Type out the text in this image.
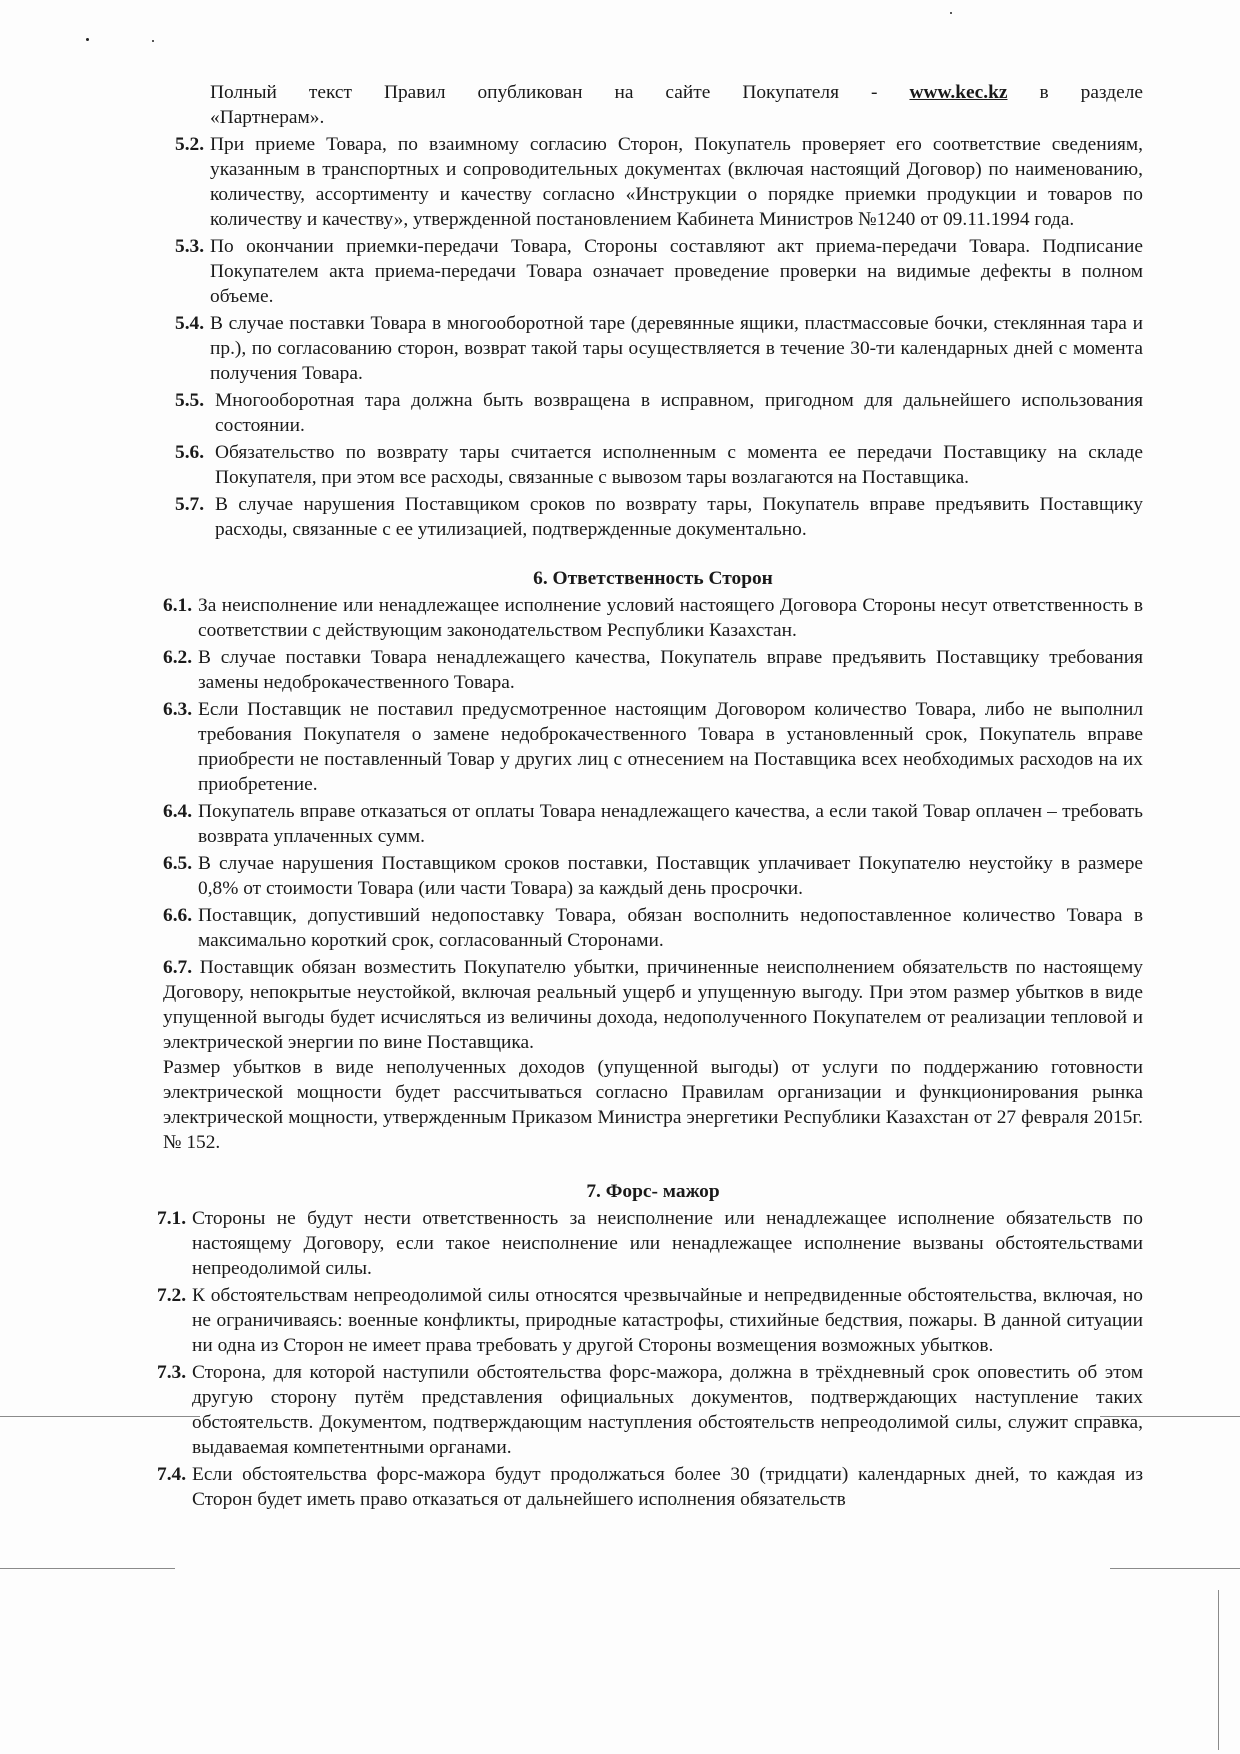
Полный текст Правил опубликован на сайте Покупателя - www.kec.kz в разделе
«Партнерам».
5.2. При приеме Товара, по взаимному согласию Сторон, Покупатель проверяет его соответствие сведениям, указанным в транспортных и сопроводительных документах (включая настоящий Договор) по наименованию, количеству, ассортименту и качеству согласно «Инструкции о порядке приемки продукции и товаров по количеству и качеству», утвержденной постановлением Кабинета Министров №1240 от 09.11.1994 года.
5.3. По окончании приемки-передачи Товара, Стороны составляют акт приема-передачи Товара. Подписание Покупателем акта приема-передачи Товара означает проведение проверки на видимые дефекты в полном объеме.
5.4. В случае поставки Товара в многооборотной таре (деревянные ящики, пластмассовые бочки, стеклянная тара и пр.), по согласованию сторон, возврат такой тары осуществляется в течение 30-ти календарных дней с момента получения Товара.
5.5. Многооборотная тара должна быть возвращена в исправном, пригодном для дальнейшего использования состоянии.
5.6. Обязательство по возврату тары считается исполненным с момента ее передачи Поставщику на складе Покупателя, при этом все расходы, связанные с вывозом тары возлагаются на Поставщика.
5.7. В случае нарушения Поставщиком сроков по возврату тары, Покупатель вправе предъявить Поставщику расходы, связанные с ее утилизацией, подтвержденные документально.
6. Ответственность Сторон
6.1. За неисполнение или ненадлежащее исполнение условий настоящего Договора Стороны несут ответственность в соответствии с действующим законодательством Республики Казахстан.
6.2. В случае поставки Товара ненадлежащего качества, Покупатель вправе предъявить Поставщику требования замены недоброкачественного Товара.
6.3. Если Поставщик не поставил предусмотренное настоящим Договором количество Товара, либо не выполнил требования Покупателя о замене недоброкачественного Товара в установленный срок, Покупатель вправе приобрести не поставленный Товар у других лиц с отнесением на Поставщика всех необходимых расходов на их приобретение.
6.4. Покупатель вправе отказаться от оплаты Товара ненадлежащего качества, а если такой Товар оплачен – требовать возврата уплаченных сумм.
6.5. В случае нарушения Поставщиком сроков поставки, Поставщик уплачивает Покупателю неустойку в размере 0,8% от стоимости Товара (или части Товара) за каждый день просрочки.
6.6. Поставщик, допустивший недопоставку Товара, обязан восполнить недопоставленное количество Товара в максимально короткий срок, согласованный Сторонами.

6.7. Поставщик обязан возместить Покупателю убытки, причиненные неисполнением обязательств по настоящему Договору, непокрытые неустойкой, включая реальный ущерб и упущенную выгоду. При этом размер убытков в виде упущенной выгоды будет исчисляться из величины дохода, недополученного Покупателем от реализации тепловой и электрической энергии по вине Поставщика.

Размер убытков в виде неполученных доходов (упущенной выгоды) от услуги по поддержанию готовности электрической мощности будет рассчитываться согласно Правилам организации и функционирования рынка электрической мощности, утвержденным Приказом Министра энергетики Республики Казахстан от 27 февраля 2015г. № 152.

7. Форс- мажор
7.1. Стороны не будут нести ответственность за неисполнение или ненадлежащее исполнение обязательств по настоящему Договору, если такое неисполнение или ненадлежащее исполнение вызваны обстоятельствами непреодолимой силы.
7.2. К обстоятельствам непреодолимой силы относятся чрезвычайные и непредвиденные обстоятельства, включая, но не ограничиваясь: военные конфликты, природные катастрофы, стихийные бедствия, пожары. В данной ситуации ни одна из Сторон не имеет права требовать у другой Стороны возмещения возможных убытков.
7.3. Сторона, для которой наступили обстоятельства форс-мажора, должна в трёхдневный срок оповестить об этом другую сторону путём представления официальных документов, подтверждающих наступление таких обстоятельств. Документом, подтверждающим наступления обстоятельств непреодолимой силы, служит справка, выдаваемая компетентными органами.
7.4. Если обстоятельства форс-мажора будут продолжаться более 30 (тридцати) календарных дней, то каждая из Сторон будет иметь право отказаться от дальнейшего исполнения обязательств
